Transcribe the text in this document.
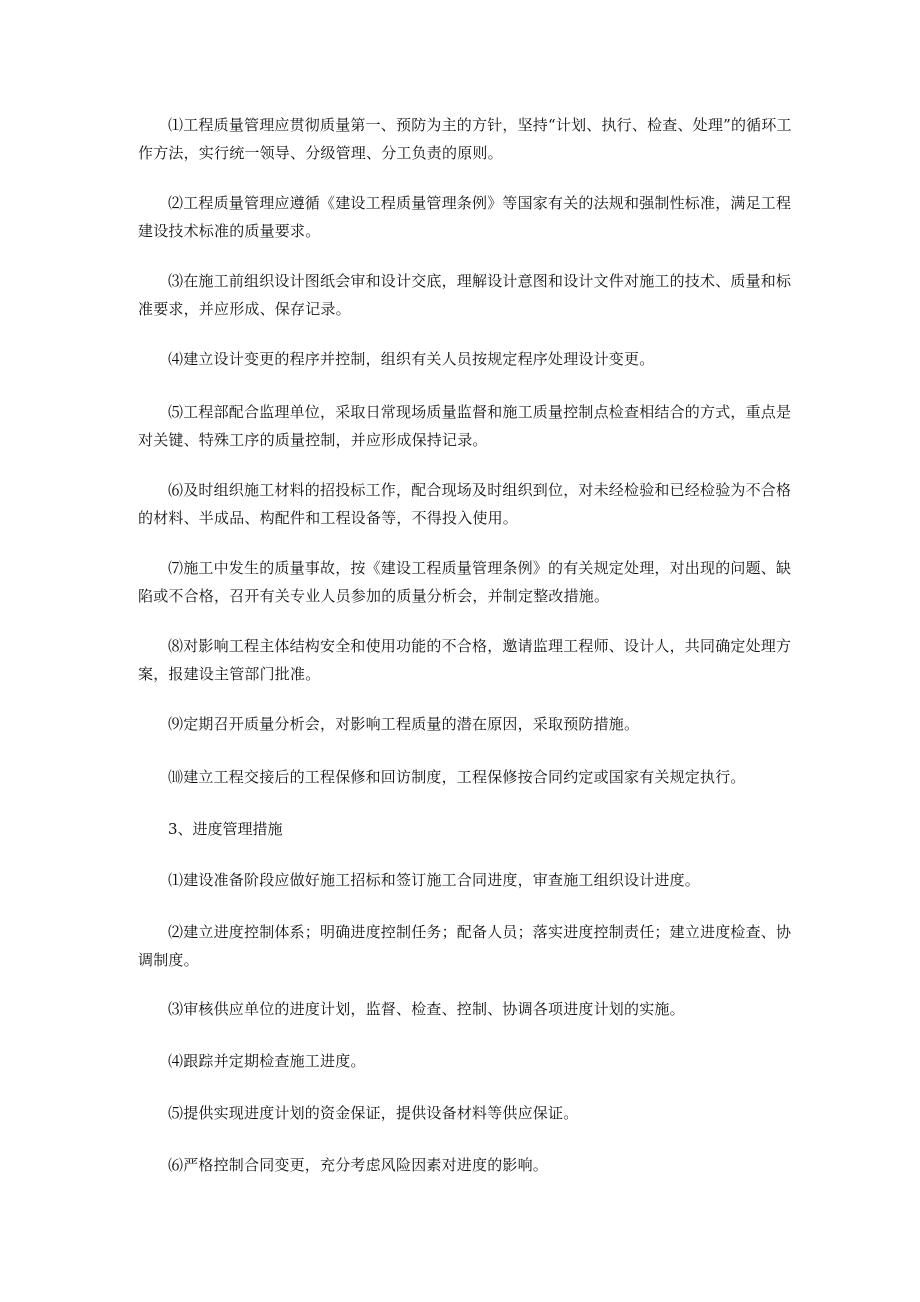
⑴工程质量管理应贯彻质量第一、预防为主的方针，坚持“计划、执行、检查、处理”的循环工作方法，实行统一领导、分级管理、分工负责的原则。

⑵工程质量管理应遵循《建设工程质量管理条例》等国家有关的法规和强制性标准，满足工程建设技术标准的质量要求。

⑶在施工前组织设计图纸会审和设计交底，理解设计意图和设计文件对施工的技术、质量和标准要求，并应形成、保存记录。

⑷建立设计变更的程序并控制，组织有关人员按规定程序处理设计变更。

⑸工程部配合监理单位，采取日常现场质量监督和施工质量控制点检查相结合的方式，重点是对关键、特殊工序的质量控制，并应形成保持记录。

⑹及时组织施工材料的招投标工作，配合现场及时组织到位，对未经检验和已经检验为不合格的材料、半成品、构配件和工程设备等，不得投入使用。

⑺施工中发生的质量事故，按《建设工程质量管理条例》的有关规定处理，对出现的问题、缺陷或不合格，召开有关专业人员参加的质量分析会，并制定整改措施。

⑻对影响工程主体结构安全和使用功能的不合格，邀请监理工程师、设计人，共同确定处理方案，报建设主管部门批准。

⑼定期召开质量分析会，对影响工程质量的潜在原因，采取预防措施。

⑽建立工程交接后的工程保修和回访制度，工程保修按合同约定或国家有关规定执行。

3、进度管理措施

⑴建设准备阶段应做好施工招标和签订施工合同进度，审查施工组织设计进度。

⑵建立进度控制体系；明确进度控制任务；配备人员；落实进度控制责任；建立进度检查、协调制度。

⑶审核供应单位的进度计划，监督、检查、控制、协调各项进度计划的实施。

⑷跟踪并定期检查施工进度。

⑸提供实现进度计划的资金保证，提供设备材料等供应保证。

⑹严格控制合同变更，充分考虑风险因素对进度的影响。
